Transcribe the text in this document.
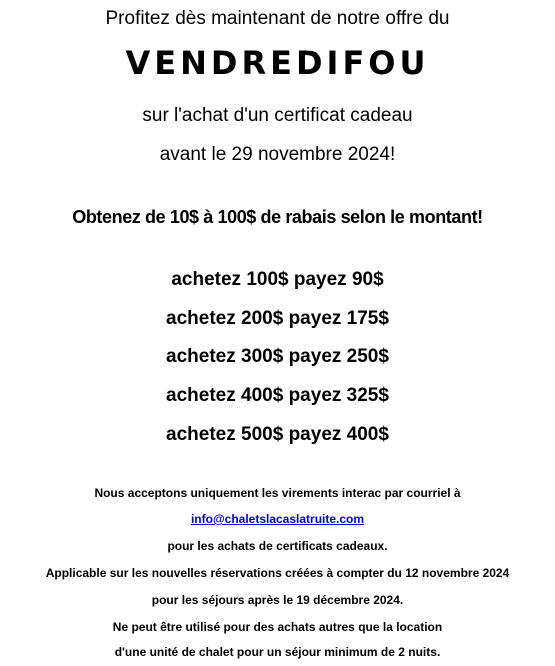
Profitez dès maintenant de notre offre du
VENDREDIFOU
sur l'achat d'un certificat cadeau
avant le 29 novembre 2024!
Obtenez de 10$ à 100$ de rabais selon le montant!
achetez 100$ payez 90$
achetez 200$ payez 175$
achetez 300$ payez 250$
achetez 400$ payez 325$
achetez 500$ payez 400$
Nous acceptons uniquement les virements interac par courriel à
info@chaletslacaslatruite.com
pour les achats de certificats cadeaux.
Applicable sur les nouvelles réservations créées à compter du 12 novembre 2024
pour les séjours après le 19 décembre 2024.
Ne peut être utilisé pour des achats autres que la location
d'une unité de chalet pour un séjour minimum de 2 nuits.
